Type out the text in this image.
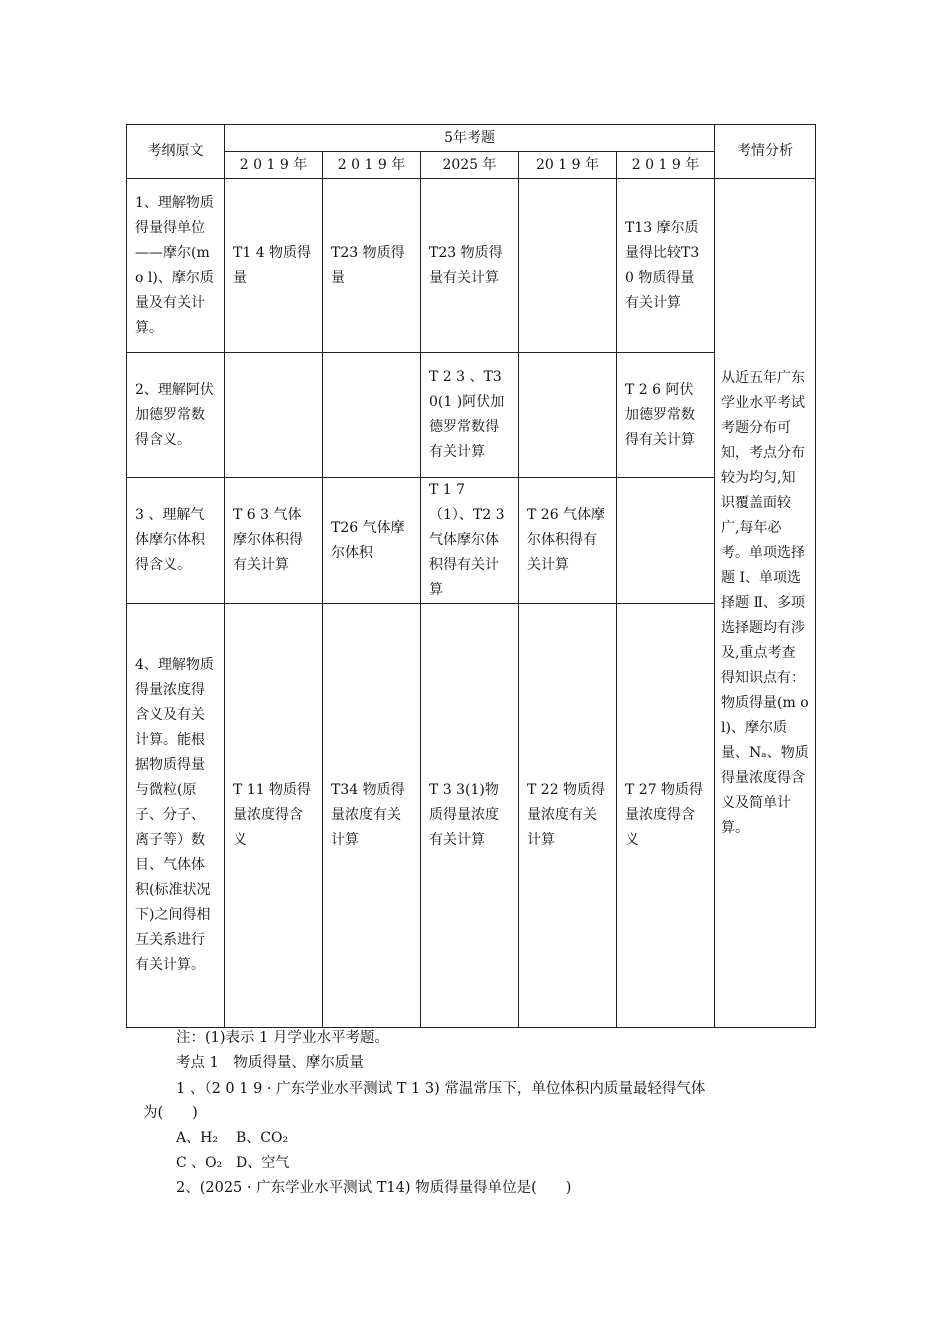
考纲原文	5年考题					考情分析
	2 0 1 9 年	2 0 1 9 年	2025 年	20 1 9 年	2 0 1 9 年	
1、理解物质得量得单位——摩尔(mo l)、摩尔质量及有关计算。	T1 4 物质得量	T23 物质得量	T23 物质得量有关计算		T13 摩尔质量得比较T30 物质得量有关计算	从近五年广东学业水平考试考题分布可知，考点分布较为均匀,知识覆盖面较广,每年必考。单项选择题 Ⅰ、单项选择题 Ⅱ、多项选择题均有涉及,重点考查得知识点有：物质得量(m ol)、摩尔质量、Nₐ、物质得量浓度得含义及简单计算。
2、理解阿伏加德罗常数得含义。			T 2 3 、T30(1 )阿伏加德罗常数得有关计算		T 2 6 阿伏加德罗常数得有关计算	
3 、理解气体摩尔体积得含义。	T 6 3 气体摩尔体积得有关计算	T26 气体摩尔体积	T 1 7 （1）、T2 3 气体摩尔体积得有关计算	T 26 气体摩尔体积得有关计算		
4、理解物质得量浓度得含义及有关计算。能根据物质得量与微粒(原子、分子、离子等）数目、气体体积(标准状况下)之间得相互关系进行有关计算。	T 11 物质得量浓度得含义	T34 物质得量浓度有关计算	T 3 3(1)物质得量浓度有关计算	T 22 物质得量浓度有关计算	T 27 物质得量浓度得含义	
注：(1)表示 1 月学业水平考题。
考点 1　物质得量、摩尔质量
1 、（2 0 1 9 · 广东学业水平测试 T 1 3) 常温常压下，单位体积内质量最轻得气体
为(　　)
A、H₂ B、CO₂
C 、O₂ D、空气
2、(2025 · 广东学业水平测试 T14) 物质得量得单位是(　　)
